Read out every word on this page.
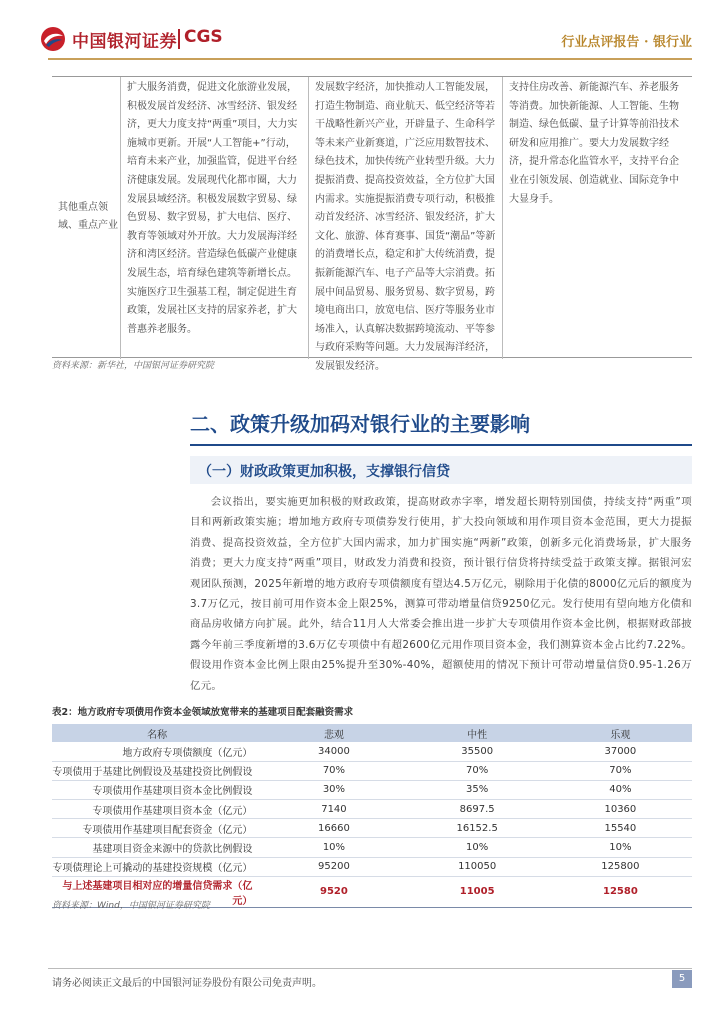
中国银河证券 CGS	行业点评报告 · 银行业
其他重点领域、重点产业

扩大服务消费，促进文化旅游业发展，积极发展首发经济、冰雪经济、银发经济，更大力度支持“两重”项目，大力实施城市更新。开展“人工智能+”行动，培育未来产业，加强监管，促进平台经济健康发展。发展现代化都市圈，大力发展县域经济。积极发展数字贸易、绿色贸易、数字贸易，扩大电信、医疗、教育等领域对外开放。大力发展海洋经济和湾区经济。营造绿色低碳产业健康发展生态，培育绿色建筑等新增长点。实施医疗卫生强基工程，制定促进生育政策，发展社区支持的居家养老，扩大普惠养老服务。

发展数字经济，加快推动人工智能发展，打造生物制造、商业航天、低空经济等若干战略性新兴产业，开辟量子、生命科学等未来产业新赛道，广泛应用数智技术、绿色技术，加快传统产业转型升级。大力提振消费、提高投资效益，全方位扩大国内需求。实施提振消费专项行动，积极推动首发经济、冰雪经济、银发经济，扩大文化、旅游、体育赛事、国货“潮品”等新的消费增长点，稳定和扩大传统消费，提振新能源汽车、电子产品等大宗消费。拓展中间品贸易、服务贸易、数字贸易，跨境电商出口，放宽电信、医疗等服务业市场准入，认真解决数据跨境流动、平等参与政府采购等问题。大力发展海洋经济，发展银发经济。

支持住房改善、新能源汽车、养老服务等消费。加快新能源、人工智能、生物制造、绿色低碳、量子计算等前沿技术研发和应用推广。要大力发展数字经济，提升常态化监管水平，支持平台企业在引领发展、创造就业、国际竞争中大显身手。

资料来源：新华社，中国银河证券研究院
二、政策升级加码对银行业的主要影响
（一）财政政策更加积极，支撑银行信贷
会议指出，要实施更加积极的财政政策，提高财政赤字率，增发超长期特别国债，持续支持“两重”项目和两新政策实施；增加地方政府专项债券发行使用，扩大投向领域和用作项目资本金范围，更大力提振消费、提高投资效益，全方位扩大国内需求，加力扩围实施“两新”政策，创新多元化消费场景，扩大服务消费；更大力度支持“两重”项目，财政发力消费和投资，预计银行信贷将持续受益于政策支撑。据银河宏观团队预测，2025年新增的地方政府专项债额度有望达4.5万亿元，剔除用于化债的8000亿元后的额度为3.7万亿元，按目前可用作资本金上限25%，测算可带动增量信贷9250亿元。发行使用有望向地方化债和商品房收储方向扩展。此外，结合11月人大常委会推出进一步扩大专项债用作资本金比例，根据财政部披露今年前三季度新增的3.6万亿专项债中有超2600亿元用作项目资本金，我们测算资本金占比约7.22%。假设用作资本金比例上限由25%提升至30%-40%，超额使用的情况下预计可带动增量信贷0.95-1.26万亿元。
表2：地方政府专项债用作资本金领域放宽带来的基建项目配套融资需求
名称	悲观	中性	乐观
地方政府专项债额度（亿元）	34000	35500	37000
专项债用于基建比例假设及基建投资比例假设	70%	70%	70%
专项债用作基建项目资本金比例假设	30%	35%	40%
专项债用作基建项目资本金（亿元）	7140	8697.5	10360
专项债用作基建项目配套资金（亿元）	16660	16152.5	15540
基建项目资金来源中的贷款比例假设	10%	10%	10%
专项债理论上可撬动的基建投资规模（亿元）	95200	110050	125800
与上述基建项目相对应的增量信贷需求（亿元）	9520	11005	12580
资料来源：Wind，中国银河证券研究院
请务必阅读正文最后的中国银河证券股份有限公司免责声明。	5
